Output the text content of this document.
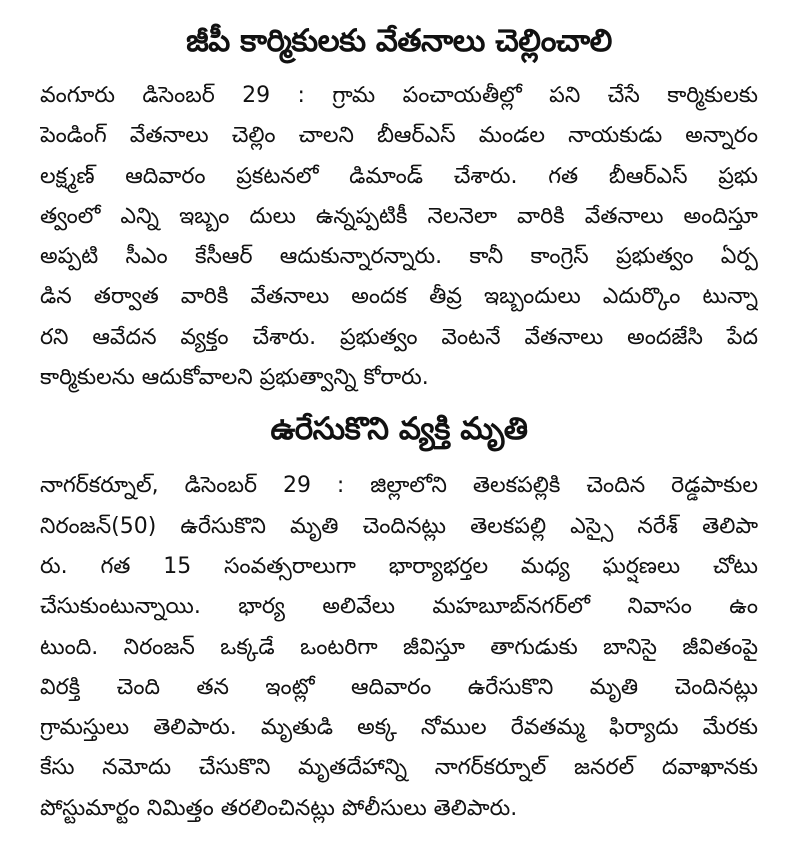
జీపీ కార్మికులకు వేతనాలు చెల్లించాలి
వంగూరు డిసెంబర్ 29 : గ్రామ పంచాయతీల్లో పని చేసే కార్మికులకు
పెండింగ్ వేతనాలు చెల్లిం చాలని బీఆర్ఎస్ మండల నాయకుడు అన్నారం
లక్ష్మణ్ ఆదివారం ప్రకటనలో డిమాండ్ చేశారు. గత బీఆర్ఎస్ ప్రభు
త్వంలో ఎన్ని ఇబ్బం దులు ఉన్నప్పటికీ నెలనెలా వారికి వేతనాలు అందిస్తూ
అప్పటి సీఎం కేసీఆర్ ఆదుకున్నారన్నారు. కానీ కాంగ్రెస్ ప్రభుత్వం ఏర్ప
డిన తర్వాత వారికి వేతనాలు అందక తీవ్ర ఇబ్బందులు ఎదుర్కొం టున్నా
రని ఆవేదన వ్యక్తం చేశారు. ప్రభుత్వం వెంటనే వేతనాలు అందజేసి పేద
కార్మికులను ఆదుకోవాలని ప్రభుత్వాన్ని కోరారు.
ఉరేసుకొని వ్యక్తి మృతి
నాగర్‌కర్నూల్, డిసెంబర్ 29 : జిల్లాలోని తెలకపల్లికి చెందిన రెడ్డపాకుల
నిరంజన్(50) ఉరేసుకొని మృతి చెందినట్లు తెలకపల్లి ఎస్సై నరేశ్ తెలిపా
రు. గత 15 సంవత్సరాలుగా భార్యాభర్తల మధ్య ఘర్షణలు చోటు
చేసుకుంటున్నాయి. భార్య అలివేలు మహబూబ్‌నగర్‌లో నివాసం ఉం
టుంది. నిరంజన్ ఒక్కడే ఒంటరిగా జీవిస్తూ తాగుడుకు బానిసై జీవితంపై
విరక్తి చెంది తన ఇంట్లో ఆదివారం ఉరేసుకొని మృతి చెందినట్లు
గ్రామస్తులు తెలిపారు. మృతుడి అక్క నోముల రేవతమ్మ ఫిర్యాదు మేరకు
కేసు నమోదు చేసుకొని మృతదేహాన్ని నాగర్‌కర్నూల్ జనరల్ దవాఖానకు
పోస్టుమార్టం నిమిత్తం తరలించినట్లు పోలీసులు తెలిపారు.
